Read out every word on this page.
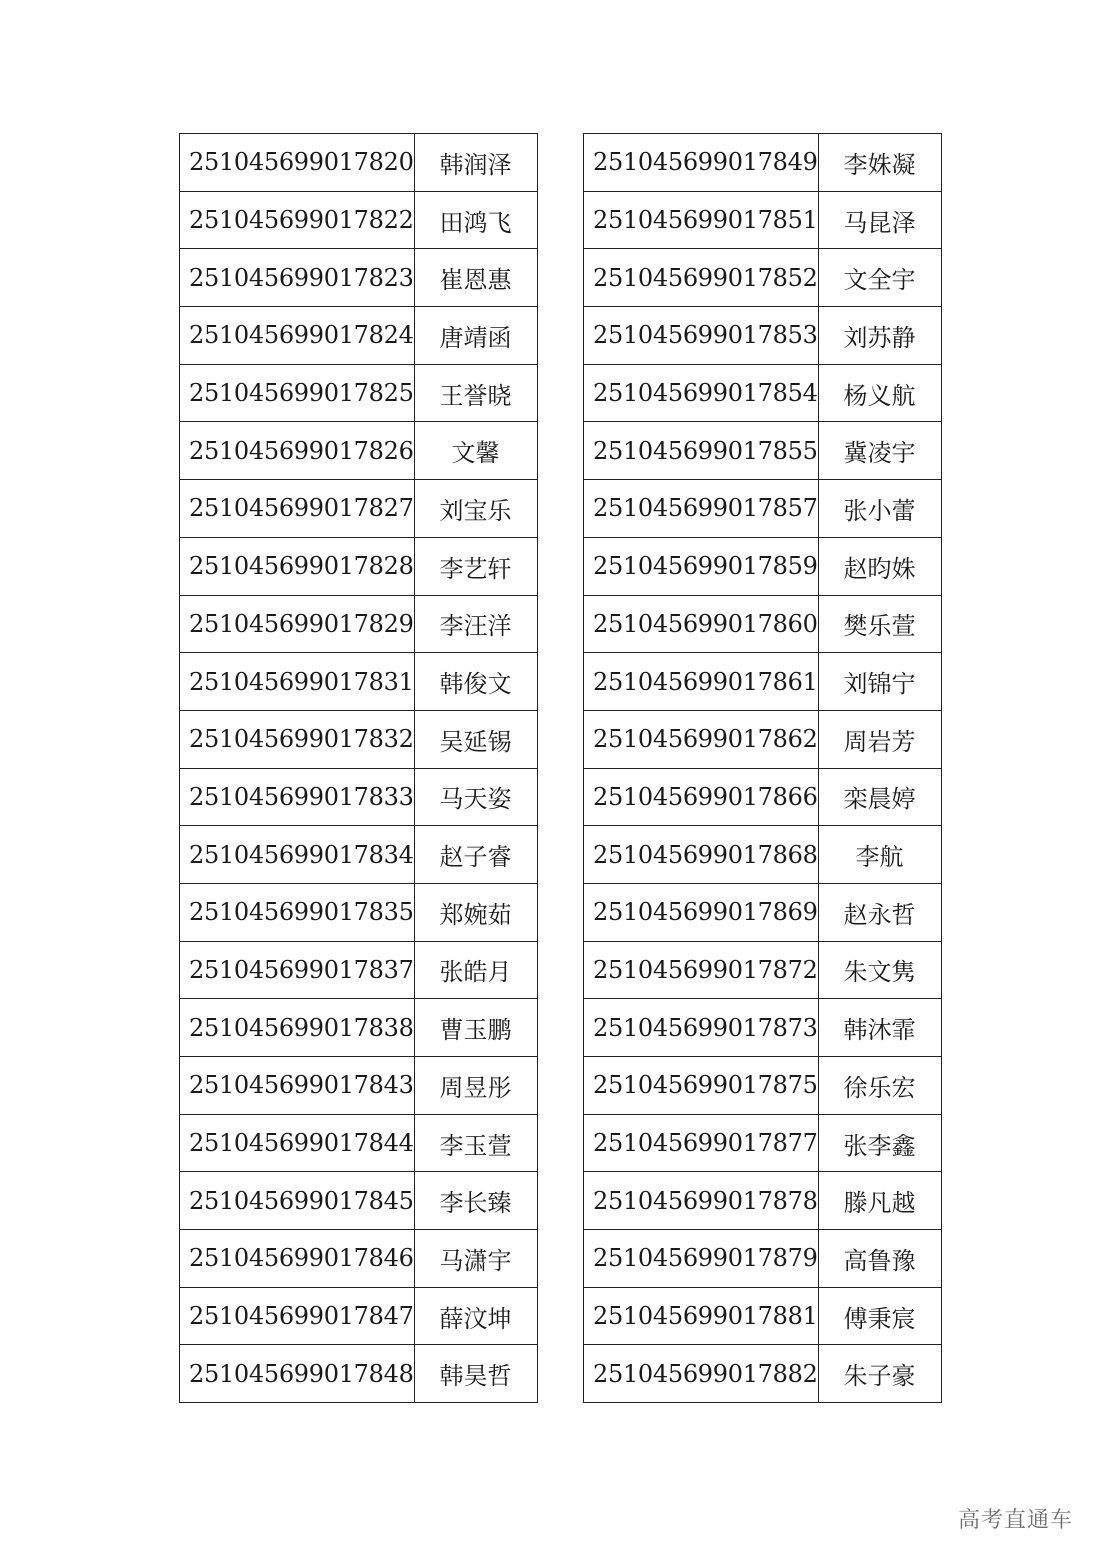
251045699017820	韩润泽
251045699017822	田鸿飞
251045699017823	崔恩惠
251045699017824	唐靖函
251045699017825	王誉晓
251045699017826	文馨
251045699017827	刘宝乐
251045699017828	李艺轩
251045699017829	李汪洋
251045699017831	韩俊文
251045699017832	吴延锡
251045699017833	马天姿
251045699017834	赵子睿
251045699017835	郑婉茹
251045699017837	张皓月
251045699017838	曹玉鹏
251045699017843	周昱彤
251045699017844	李玉萱
251045699017845	李长臻
251045699017846	马潇宇
251045699017847	薛汶坤
251045699017848	韩昊哲
251045699017849	李姝凝
251045699017851	马昆泽
251045699017852	文全宇
251045699017853	刘苏静
251045699017854	杨义航
251045699017855	冀凌宇
251045699017857	张小蕾
251045699017859	赵昀姝
251045699017860	樊乐萱
251045699017861	刘锦宁
251045699017862	周岩芳
251045699017866	栾晨婷
251045699017868	李航
251045699017869	赵永哲
251045699017872	朱文隽
251045699017873	韩沐霏
251045699017875	徐乐宏
251045699017877	张李鑫
251045699017878	滕凡越
251045699017879	高鲁豫
251045699017881	傅秉宸
251045699017882	朱子豪
高考直通车
